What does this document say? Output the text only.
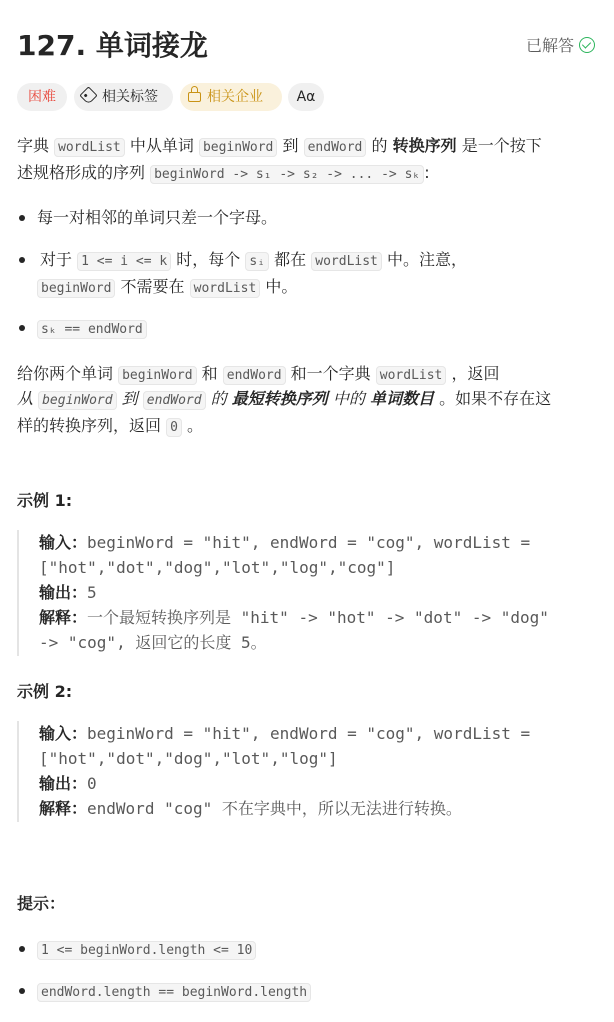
127. 单词接龙	已解答
困难	相关标签	相关企业	Aα
字典 wordList 中从单词 beginWord 到 endWord 的 转换序列 是一个按下
述规格形成的序列 beginWord -> s₁ -> s₂ -> ... -> sₖ :
每一对相邻的单词只差一个字母。
对于 1 <= i <= k 时，每个 sᵢ 都在 wordList 中。注意，
beginWord 不需要在 wordList 中。
sₖ == endWord
给你两个单词 beginWord 和 endWord 和一个字典 wordList ，返回
从 beginWord 到 endWord 的 最短转换序列 中的 单词数目 。如果不存在这
样的转换序列，返回 0 。
示例 1:
输入：beginWord = "hit", endWord = "cog", wordList =
["hot","dot","dog","lot","log","cog"]
输出：5
解释：一个最短转换序列是 "hit" -> "hot" -> "dot" -> "dog"
-> "cog", 返回它的长度 5。
示例 2:
输入：beginWord = "hit", endWord = "cog", wordList =
["hot","dot","dog","lot","log"]
输出：0
解释：endWord "cog" 不在字典中，所以无法进行转换。
提示：
1 <= beginWord.length <= 10
endWord.length == beginWord.length
